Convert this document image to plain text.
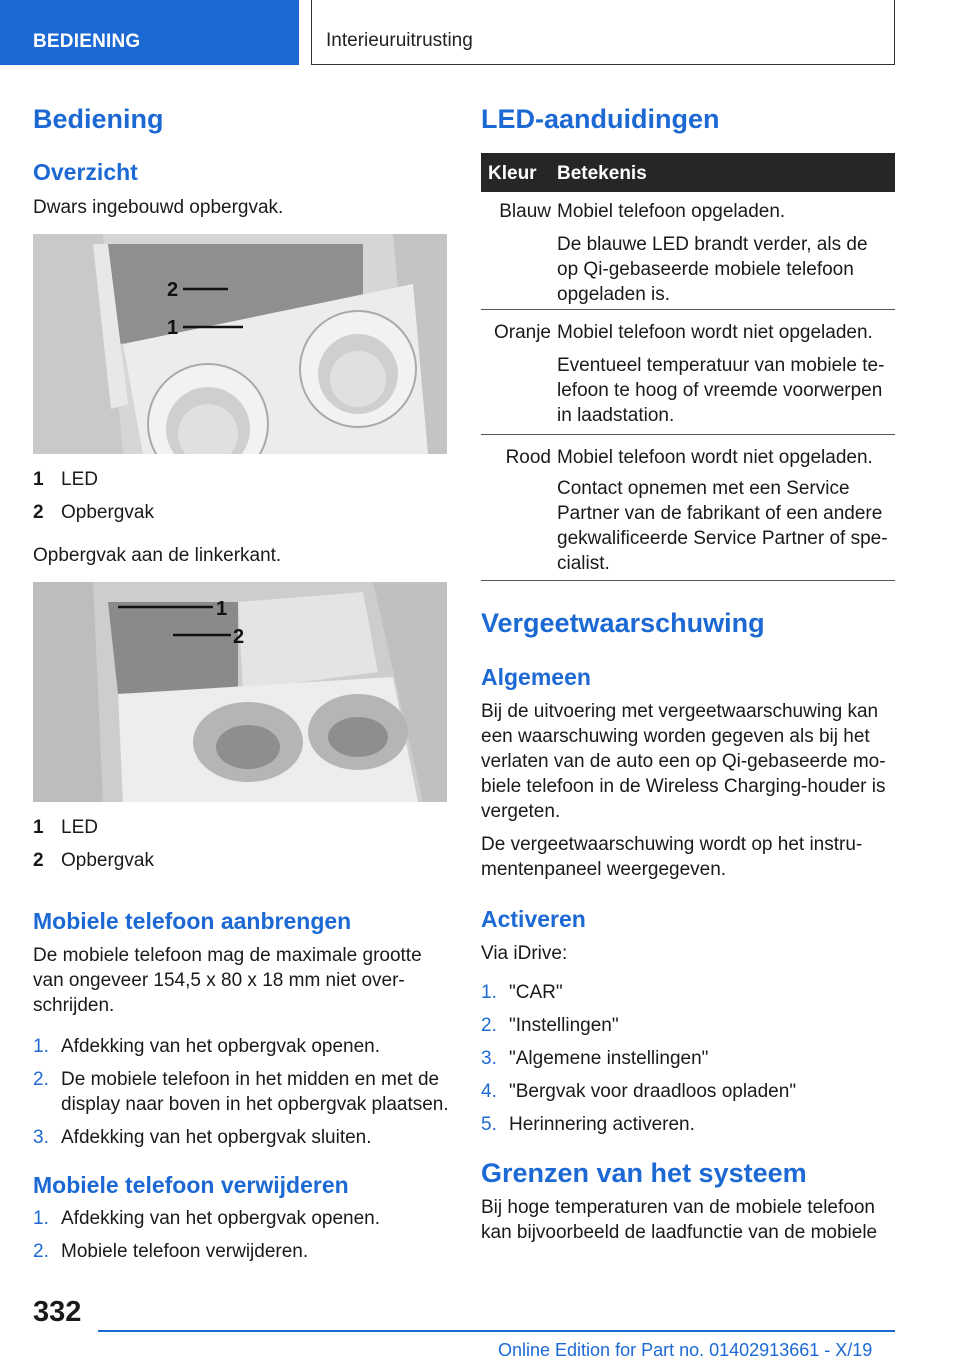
BEDIENING	Interieuruitrusting
Bediening
Overzicht
Dwars ingebouwd opbergvak.
2
1
1 LED
2 Opbergvak
Opbergvak aan de linkerkant.
1
2
1 LED
2 Opbergvak
Mobiele telefoon aanbrengen
De mobiele telefoon mag de maximale grootte
van ongeveer 154,5 x 80 x 18 mm niet over-
schrijden.
1. Afdekking van het opbergvak openen.
2. De mobiele telefoon in het midden en met de
display naar boven in het opbergvak plaatsen.
3. Afdekking van het opbergvak sluiten.
Mobiele telefoon verwijderen
1. Afdekking van het opbergvak openen.
2. Mobiele telefoon verwijderen.
LED-aanduidingen
Kleur Betekenis
Blauw Mobiel telefoon opgeladen.
De blauwe LED brandt verder, als de
op Qi-gebaseerde mobiele telefoon
opgeladen is.
Oranje Mobiel telefoon wordt niet opgeladen.
Eventueel temperatuur van mobiele te-
lefoon te hoog of vreemde voorwerpen
in laadstation.
Rood Mobiel telefoon wordt niet opgeladen.
Contact opnemen met een Service
Partner van de fabrikant of een andere
gekwalificeerde Service Partner of spe-
cialist.
Vergeetwaarschuwing
Algemeen
Bij de uitvoering met vergeetwaarschuwing kan
een waarschuwing worden gegeven als bij het
verlaten van de auto een op Qi-gebaseerde mo-
biele telefoon in de Wireless Charging-houder is
vergeten.
De vergeetwaarschuwing wordt op het instru-
mentenpaneel weergegeven.
Activeren
Via iDrive:
1. "CAR"
2. "Instellingen"
3. "Algemene instellingen"
4. "Bergvak voor draadloos opladen"
5. Herinnering activeren.
Grenzen van het systeem
Bij hoge temperaturen van de mobiele telefoon
kan bijvoorbeeld de laadfunctie van de mobiele
332
Online Edition for Part no. 01402913661 - X/19
